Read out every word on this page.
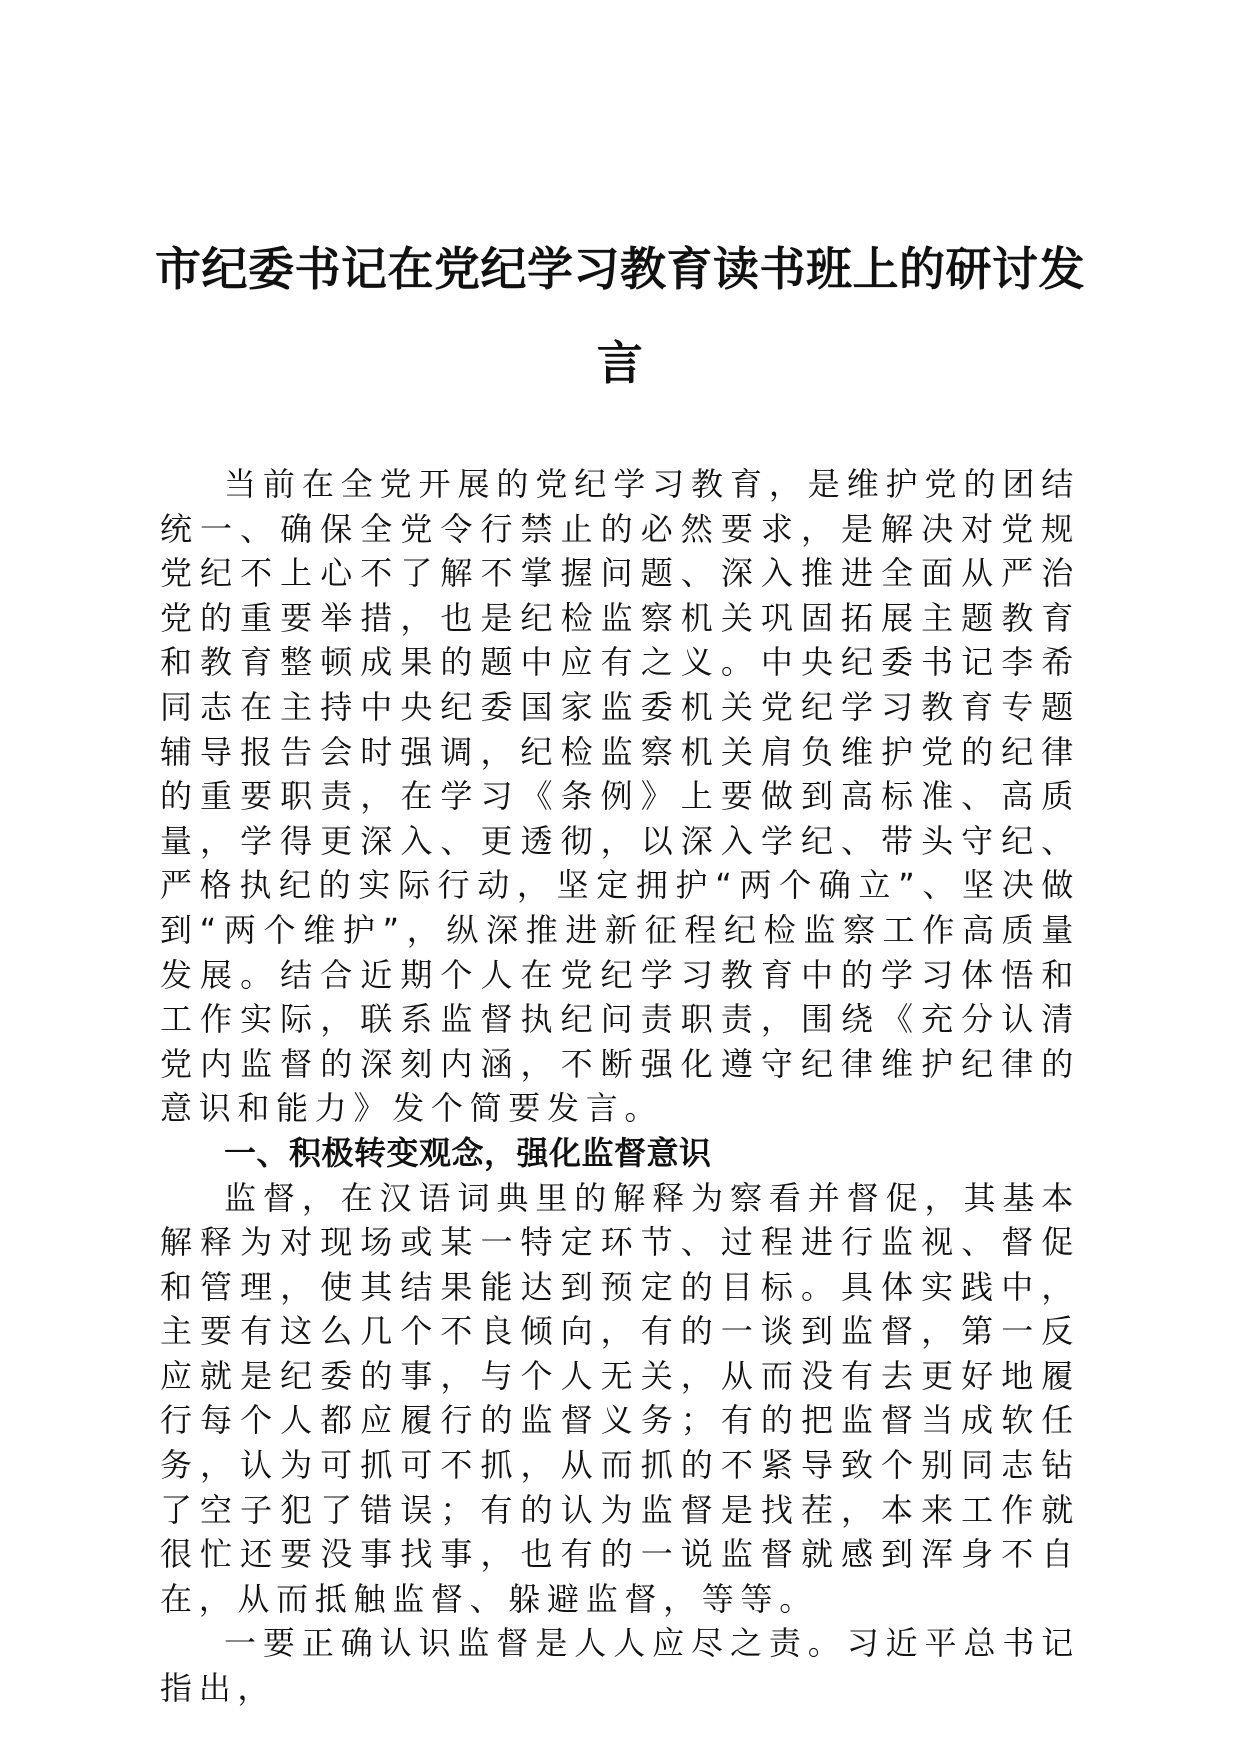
市纪委书记在党纪学习教育读书班上的研讨发言

当前在全党开展的党纪学习教育，是维护党的团结统一、确保全党令行禁止的必然要求，是解决对党规党纪不上心不了解不掌握问题、深入推进全面从严治党的重要举措，也是纪检监察机关巩固拓展主题教育和教育整顿成果的题中应有之义。中央纪委书记李希同志在主持中央纪委国家监委机关党纪学习教育专题辅导报告会时强调，纪检监察机关肩负维护党的纪律的重要职责，在学习《条例》上要做到高标准、高质量，学得更深入、更透彻，以深入学纪、带头守纪、严格执纪的实际行动，坚定拥护“两个确立”、坚决做到“两个维护”，纵深推进新征程纪检监察工作高质量发展。结合近期个人在党纪学习教育中的学习体悟和工作实际，联系监督执纪问责职责，围绕《充分认清党内监督的深刻内涵，不断强化遵守纪律维护纪律的意识和能力》发个简要发言。

一、积极转变观念，强化监督意识

监督，在汉语词典里的解释为察看并督促，其基本解释为对现场或某一特定环节、过程进行监视、督促和管理，使其结果能达到预定的目标。具体实践中，主要有这么几个不良倾向，有的一谈到监督，第一反应就是纪委的事，与个人无关，从而没有去更好地履行每个人都应履行的监督义务；有的把监督当成软任务，认为可抓可不抓，从而抓的不紧导致个别同志钻了空子犯了错误；有的认为监督是找茬，本来工作就很忙还要没事找事，也有的一说监督就感到浑身不自在，从而抵触监督、躲避监督，等等。

一要正确认识监督是人人应尽之责。习近平总书记指出，
